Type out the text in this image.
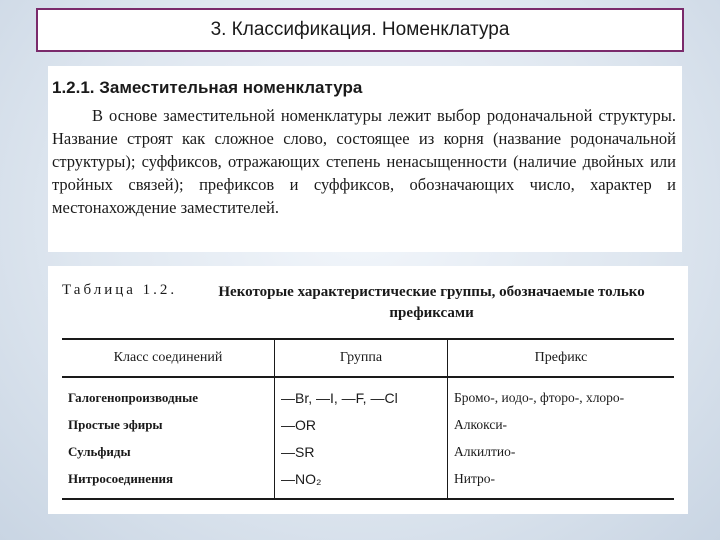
3. Классификация. Номенклатура
1.2.1. Заместительная номенклатура

В основе заместительной номенклатуры лежит выбор родоначальной структуры. Название строят как сложное слово, состоящее из корня (название родоначальной структуры); суффиксов, отражающих степень ненасыщенности (наличие двойных или тройных связей); префиксов и суффиксов, обозначающих число, характер и местонахождение заместителей.

Таблица 1.2.	Некоторые характеристические группы, обозначаемые только префиксами
Класс соединений	Группа	Префикс
Галогенопроизводные	—Br, —I, —F, —Cl	Бромо-, иодо-, фторо-, хлоро-
Простые эфиры	—OR	Алкокси-
Сульфиды	—SR	Алкилтио-
Нитросоединения	—NO₂	Нитро-
